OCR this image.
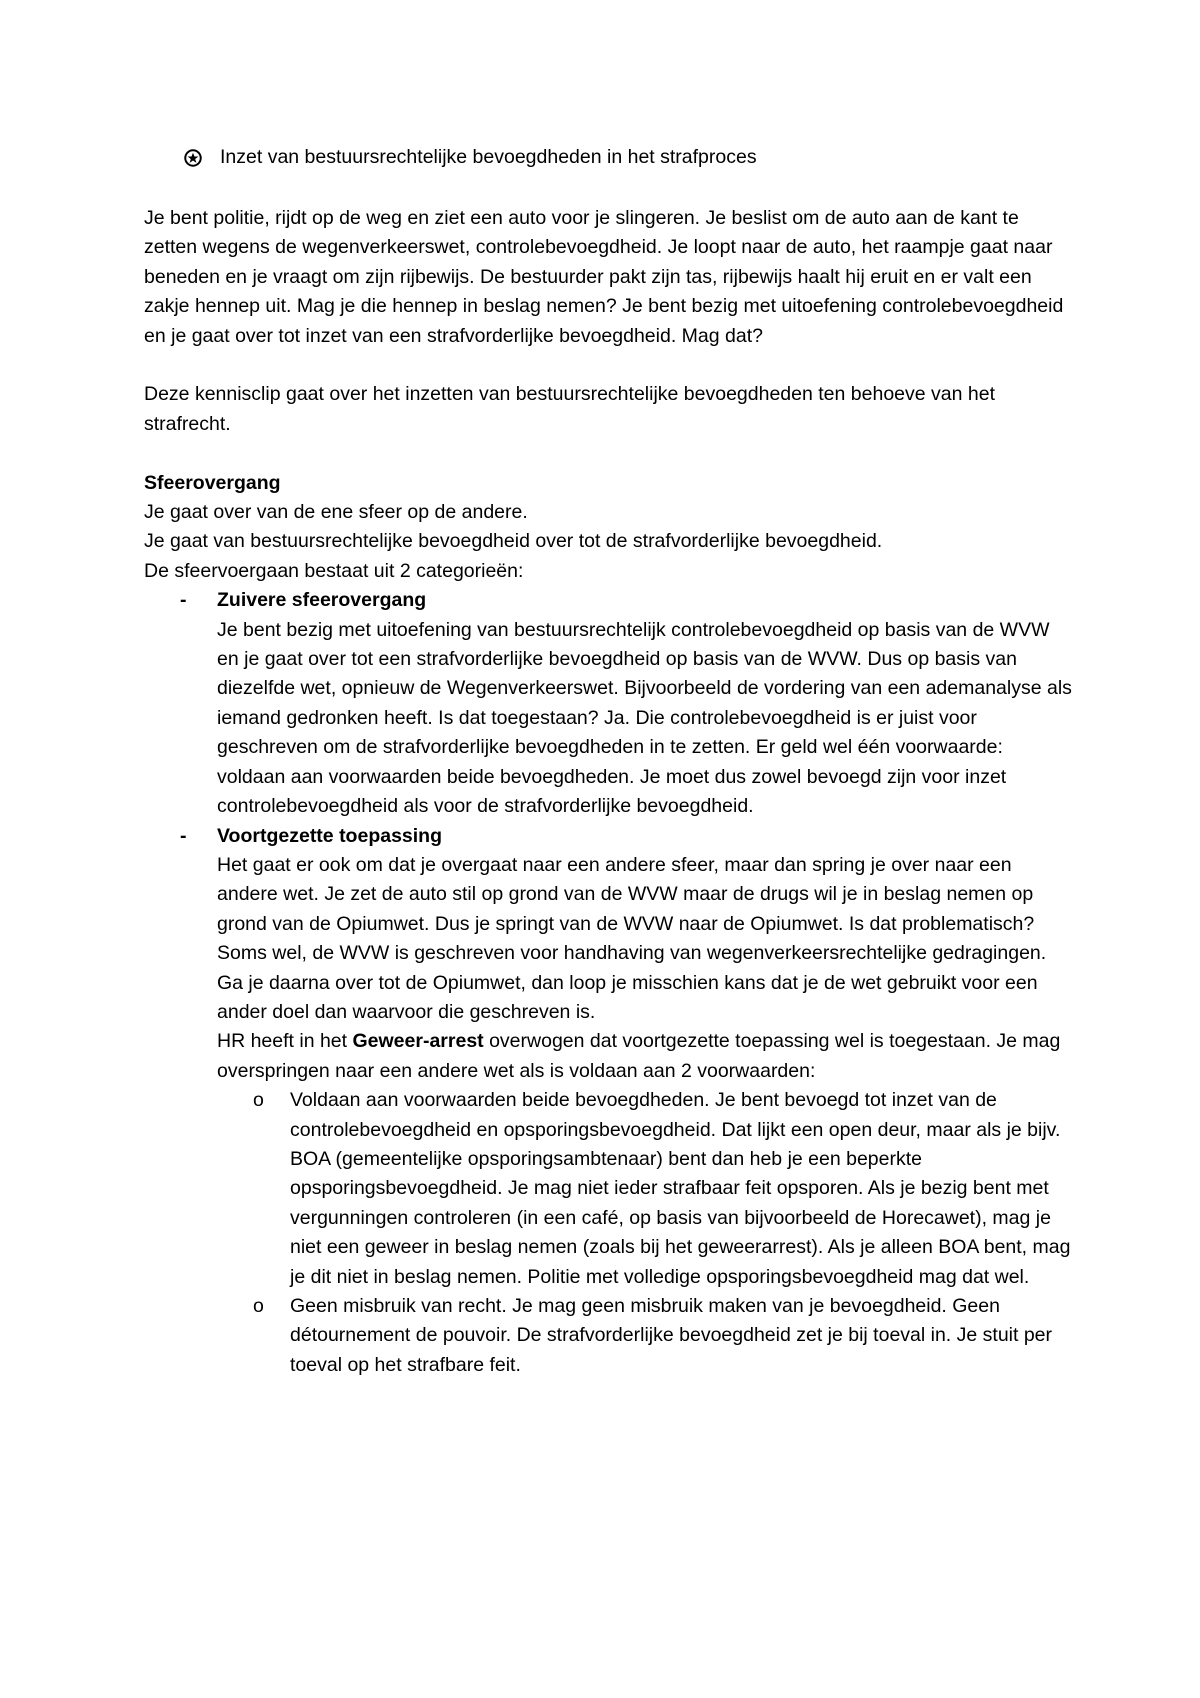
Inzet van bestuursrechtelijke bevoegdheden in het strafproces

Je bent politie, rijdt op de weg en ziet een auto voor je slingeren. Je beslist om de auto aan de kant te zetten wegens de wegenverkeerswet, controlebevoegdheid. Je loopt naar de auto, het raampje gaat naar beneden en je vraagt om zijn rijbewijs. De bestuurder pakt zijn tas, rijbewijs haalt hij eruit en er valt een zakje hennep uit. Mag je die hennep in beslag nemen? Je bent bezig met uitoefening controlebevoegdheid en je gaat over tot inzet van een strafvorderlijke bevoegdheid. Mag dat?

Deze kennisclip gaat over het inzetten van bestuursrechtelijke bevoegdheden ten behoeve van het strafrecht.

Sfeerovergang

Je gaat over van de ene sfeer op de andere.

Je gaat van bestuursrechtelijke bevoegdheid over tot de strafvorderlijke bevoegdheid.

De sfeervoergaan bestaat uit 2 categorieën:

-	Zuivere sfeerovergang

Je bent bezig met uitoefening van bestuursrechtelijk controlebevoegdheid op basis van de WVW en je gaat over tot een strafvorderlijke bevoegdheid op basis van de WVW. Dus op basis van diezelfde wet, opnieuw de Wegenverkeerswet. Bijvoorbeeld de vordering van een ademanalyse als iemand gedronken heeft. Is dat toegestaan? Ja. Die controlebevoegdheid is er juist voor geschreven om de strafvorderlijke bevoegdheden in te zetten. Er geld wel één voorwaarde: voldaan aan voorwaarden beide bevoegdheden. Je moet dus zowel bevoegd zijn voor inzet controlebevoegdheid als voor de strafvorderlijke bevoegdheid.

-	Voortgezette toepassing

Het gaat er ook om dat je overgaat naar een andere sfeer, maar dan spring je over naar een andere wet. Je zet de auto stil op grond van de WVW maar de drugs wil je in beslag nemen op grond van de Opiumwet. Dus je springt van de WVW naar de Opiumwet. Is dat problematisch? Soms wel, de WVW is geschreven voor handhaving van wegenverkeersrechtelijke gedragingen. Ga je daarna over tot de Opiumwet, dan loop je misschien kans dat je de wet gebruikt voor een ander doel dan waarvoor die geschreven is.

HR heeft in het Geweer-arrest overwogen dat voortgezette toepassing wel is toegestaan. Je mag overspringen naar een andere wet als is voldaan aan 2 voorwaarden:

o Voldaan aan voorwaarden beide bevoegdheden. Je bent bevoegd tot inzet van de controlebevoegdheid en opsporingsbevoegdheid. Dat lijkt een open deur, maar als je bijv. BOA (gemeentelijke opsporingsambtenaar) bent dan heb je een beperkte opsporingsbevoegdheid. Je mag niet ieder strafbaar feit opsporen. Als je bezig bent met vergunningen controleren (in een café, op basis van bijvoorbeeld de Horecawet), mag je niet een geweer in beslag nemen (zoals bij het geweerarrest). Als je alleen BOA bent, mag je dit niet in beslag nemen. Politie met volledige opsporingsbevoegdheid mag dat wel.

o Geen misbruik van recht. Je mag geen misbruik maken van je bevoegdheid. Geen détournement de pouvoir. De strafvorderlijke bevoegdheid zet je bij toeval in. Je stuit per toeval op het strafbare feit.
